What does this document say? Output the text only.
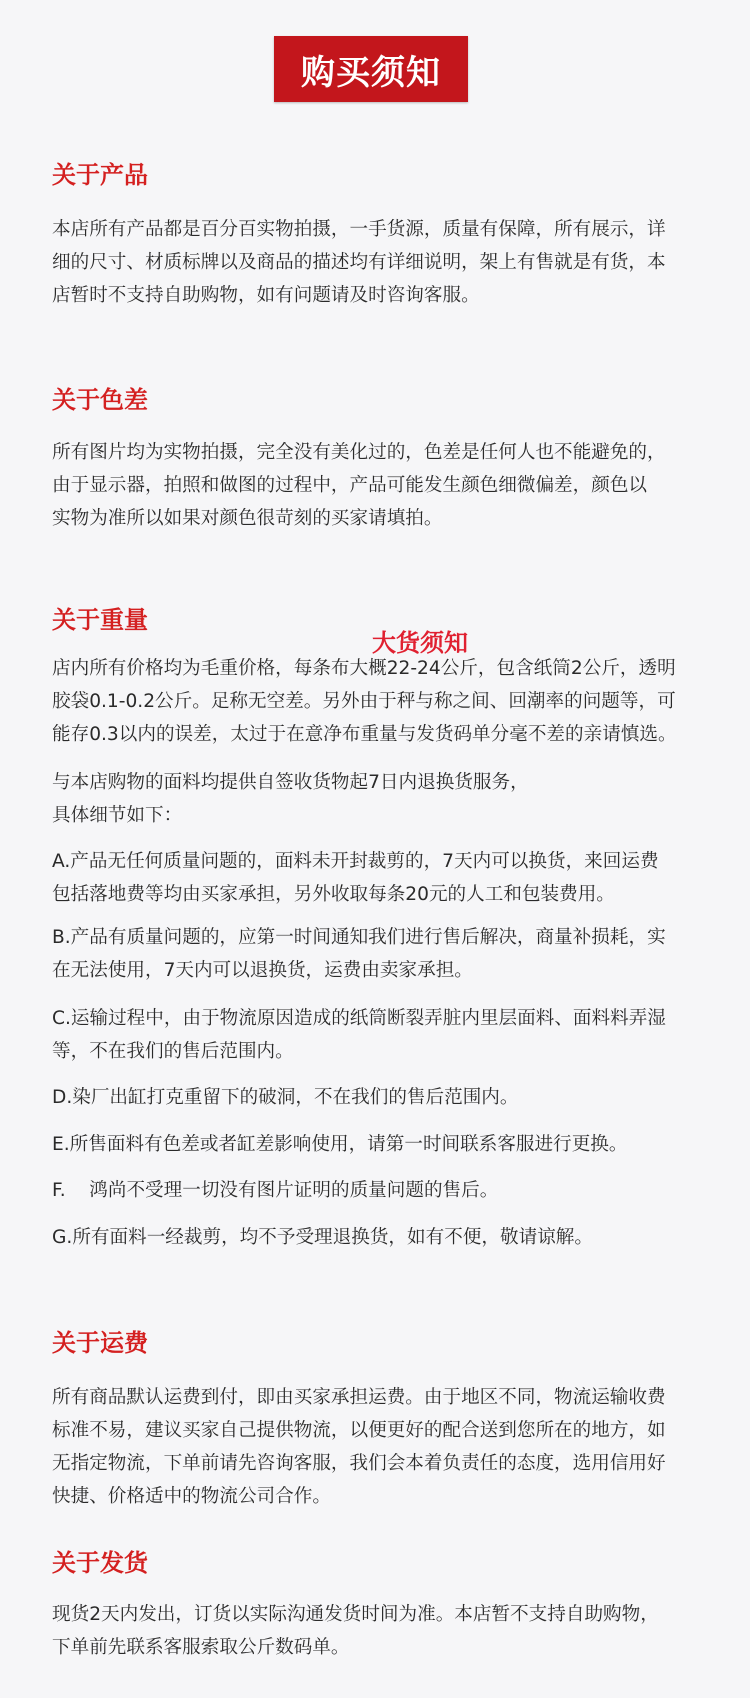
购买须知
关于产品

本店所有产品都是百分百实物拍摄，一手货源，质量有保障，所有展示，详
细的尺寸、材质标牌以及商品的描述均有详细说明，架上有售就是有货，本
店暂时不支持自助购物，如有问题请及时咨询客服。

关于色差

所有图片均为实物拍摄，完全没有美化过的，色差是任何人也不能避免的，
由于显示器，拍照和做图的过程中，产品可能发生颜色细微偏差，颜色以
实物为准所以如果对颜色很苛刻的买家请填拍。

关于重量
大货须知

店内所有价格均为毛重价格，每条布大概22-24公斤，包含纸筒2公斤，透明
胶袋0.1-0.2公斤。足称无空差。另外由于秤与称之间、回潮率的问题等，可
能存0.3以内的误差，太过于在意净布重量与发货码单分毫不差的亲请慎选。

与本店购物的面料均提供自签收货物起7日内退换货服务，
具体细节如下：

A.产品无任何质量问题的，面料未开封裁剪的，7天内可以换货，来回运费
包括落地费等均由买家承担，另外收取每条20元的人工和包装费用。

B.产品有质量问题的，应第一时间通知我们进行售后解决，商量补损耗，实
在无法使用，7天内可以退换货，运费由卖家承担。

C.运输过程中，由于物流原因造成的纸筒断裂弄脏内里层面料、面料料弄湿
等，不在我们的售后范围内。

D.染厂出缸打克重留下的破洞，不在我们的售后范围内。

E.所售面料有色差或者缸差影响使用，请第一时间联系客服进行更换。

F.    鸿尚不受理一切没有图片证明的质量问题的售后。

G.所有面料一经裁剪，均不予受理退换货，如有不便，敬请谅解。

关于运费

所有商品默认运费到付，即由买家承担运费。由于地区不同，物流运输收费
标准不易，建议买家自己提供物流，以便更好的配合送到您所在的地方，如
无指定物流，下单前请先咨询客服，我们会本着负责任的态度，选用信用好
快捷、价格适中的物流公司合作。

关于发货

现货2天内发出，订货以实际沟通发货时间为准。本店暂不支持自助购物，
下单前先联系客服索取公斤数码单。
